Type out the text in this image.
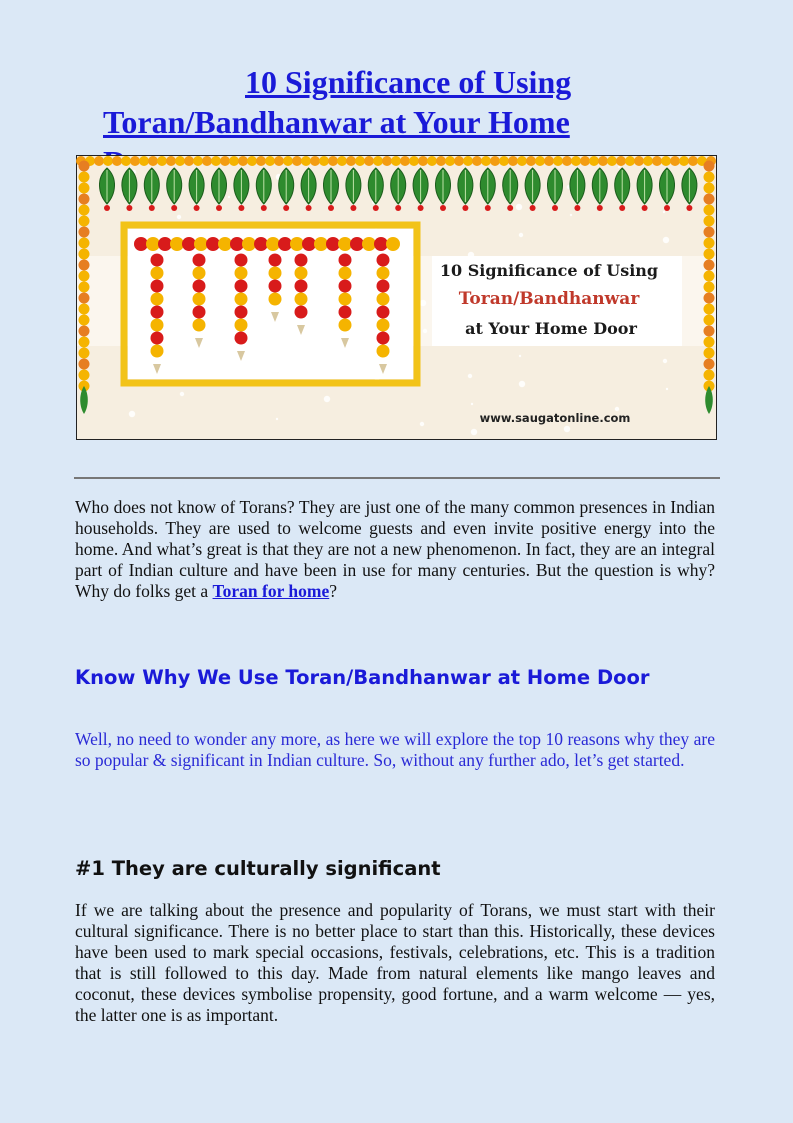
10 Significance of Using
Toran/Bandhanwar at Your Home
10 Significance of Using
Toran/Bandhanwar
at Your Home Door
www.saugatonline.com

Who does not know of Torans? They are just one of the many common presences in Indian households. They are used to welcome guests and even invite positive energy into the home. And what’s great is that they are not a new phenomenon. In fact, they are an integral part of Indian culture and have been in use for many centuries. But the question is why? Why do folks get a Toran for home?

Know Why We Use Toran/Bandhanwar at Home Door

Well, no need to wonder any more, as here we will explore the top 10 reasons why they are so popular & significant in Indian culture. So, without any further ado, let’s get started.

#1 They are culturally significant

If we are talking about the presence and popularity of Torans, we must start with their cultural significance. There is no better place to start than this. Historically, these devices have been used to mark special occasions, festivals, celebrations, etc. This is a tradition that is still followed to this day. Made from natural elements like mango leaves and coconut, these devices symbolise propensity, good fortune, and a warm welcome — yes, the latter one is as important.
